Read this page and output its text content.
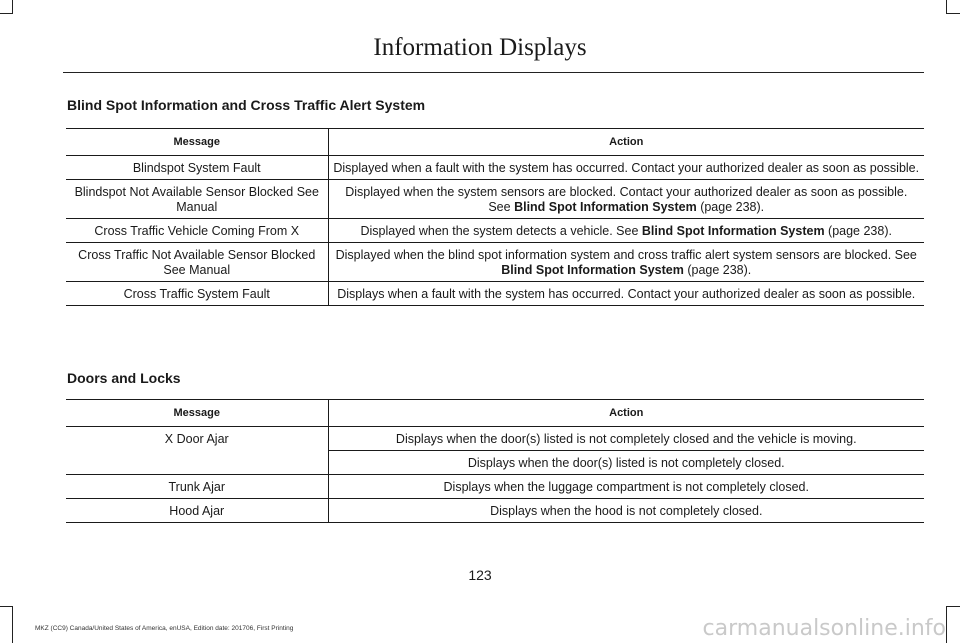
Information Displays
Blind Spot Information and Cross Traffic Alert System
Message	Action
Blindspot System Fault	Displayed when a fault with the system has occurred. Contact your authorized dealer as soon as possible.
Blindspot Not Available Sensor Blocked See Manual	Displayed when the system sensors are blocked. Contact your authorized dealer as soon as possible. See Blind Spot Information System (page 238).
Cross Traffic Vehicle Coming From X	Displayed when the system detects a vehicle. See Blind Spot Information System (page 238).
Cross Traffic Not Available Sensor Blocked See Manual	Displayed when the blind spot information system and cross traffic alert system sensors are blocked. See Blind Spot Information System (page 238).
Cross Traffic System Fault	Displays when a fault with the system has occurred. Contact your authorized dealer as soon as possible.
Doors and Locks
Message	Action
X Door Ajar	Displays when the door(s) listed is not completely closed and the vehicle is moving.
	Displays when the door(s) listed is not completely closed.
Trunk Ajar	Displays when the luggage compartment is not completely closed.
Hood Ajar	Displays when the hood is not completely closed.
123
MKZ (CC9) Canada/United States of America, enUSA, Edition date: 201706, First Printing	carmanualsonline.info
